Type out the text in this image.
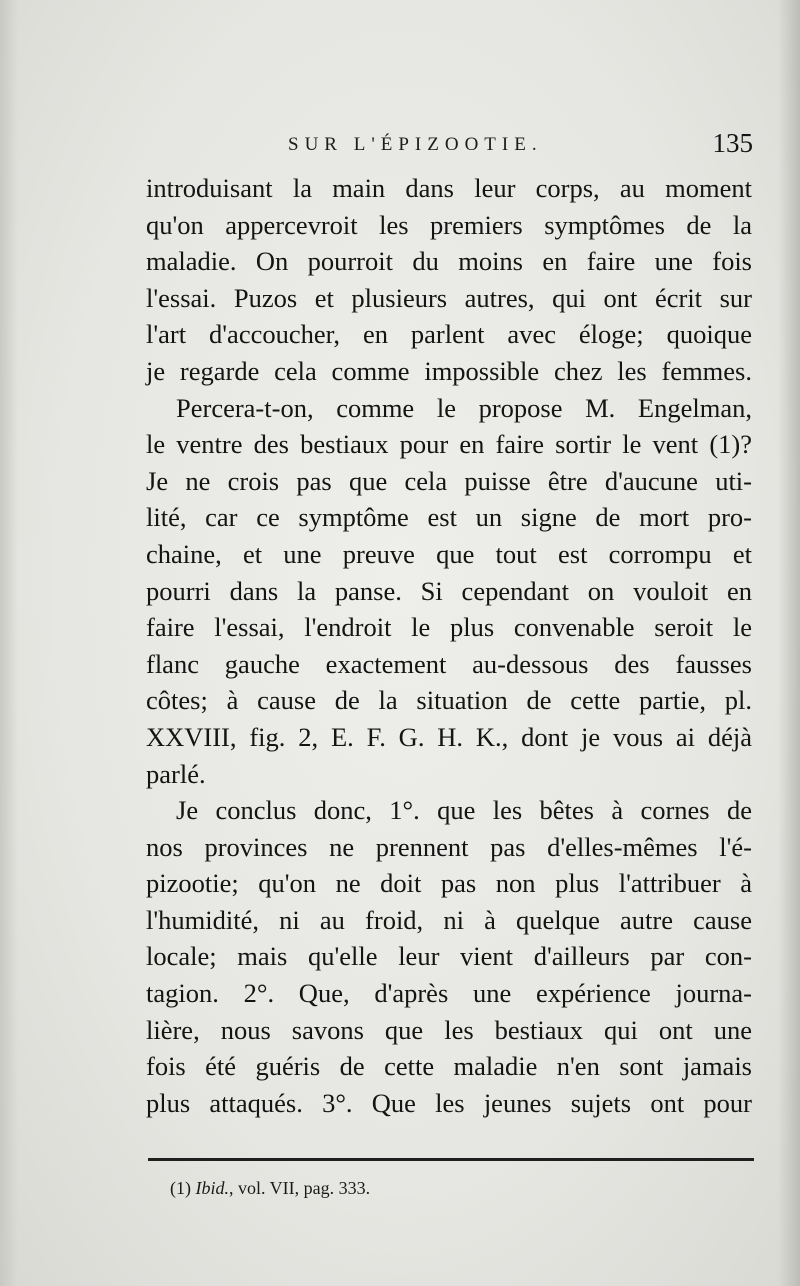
SUR L'ÉPIZOOTIE.	135
introduisant la main dans leur corps, au moment
qu'on appercevroit les premiers symptômes de la
maladie. On pourroit du moins en faire une fois
l'essai. Puzos et plusieurs autres, qui ont écrit sur
l'art d'accoucher, en parlent avec éloge; quoique
je regarde cela comme impossible chez les femmes.
Percera-t-on, comme le propose M. Engelman,
le ventre des bestiaux pour en faire sortir le vent (1)?
Je ne crois pas que cela puisse être d'aucune uti-
lité, car ce symptôme est un signe de mort pro-
chaine, et une preuve que tout est corrompu et
pourri dans la panse. Si cependant on vouloit en
faire l'essai, l'endroit le plus convenable seroit le
flanc gauche exactement au-dessous des fausses
côtes; à cause de la situation de cette partie, pl.
XXVIII, fig. 2, E. F. G. H. K., dont je vous ai déjà
parlé.
Je conclus donc, 1°. que les bêtes à cornes de
nos provinces ne prennent pas d'elles-mêmes l'é-
pizootie; qu'on ne doit pas non plus l'attribuer à
l'humidité, ni au froid, ni à quelque autre cause
locale; mais qu'elle leur vient d'ailleurs par con-
tagion. 2°. Que, d'après une expérience journa-
lière, nous savons que les bestiaux qui ont une
fois été guéris de cette maladie n'en sont jamais
plus attaqués. 3°. Que les jeunes sujets ont pour
(1) Ibid., vol. VII, pag. 333.
